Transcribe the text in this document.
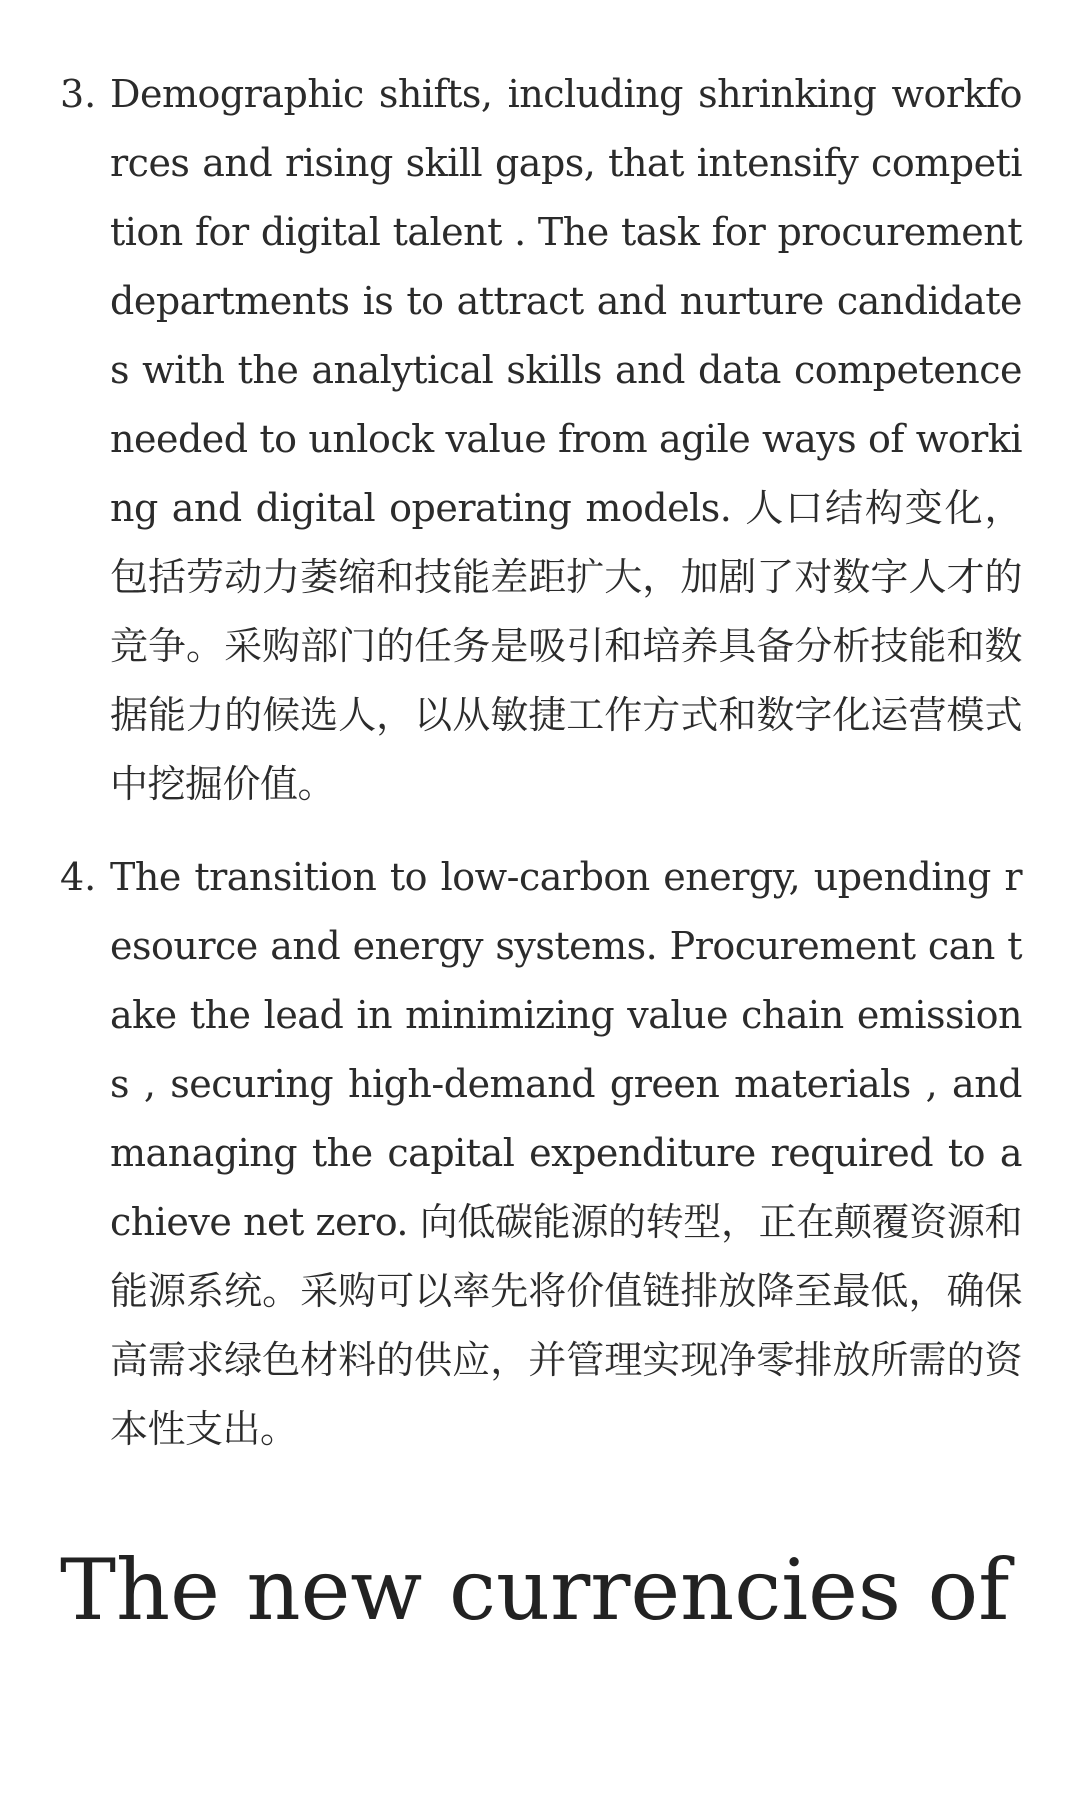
3. Demographic shifts, including shrinking workforces and rising skill gaps, that intensify competition for digital talent . The task for procurement departments is to attract and nurture candidates with the analytical skills and data competence needed to unlock value from agile ways of working and digital operating models. 人口结构变化，包括劳动力萎缩和技能差距扩大，加剧了对数字人才的竞争。采购部门的任务是吸引和培养具备分析技能和数据能力的候选人，以从敏捷工作方式和数字化运营模式中挖掘价值。
4. The transition to low-carbon energy, upending resource and energy systems. Procurement can take the lead in minimizing value chain emissions , securing high-demand green materials , and managing the capital expenditure required to achieve net zero. 向低碳能源的转型，正在颠覆资源和能源系统。采购可以率先将价值链排放降至最低，确保高需求绿色材料的供应，并管理实现净零排放所需的资本性支出。
The new currencies of
